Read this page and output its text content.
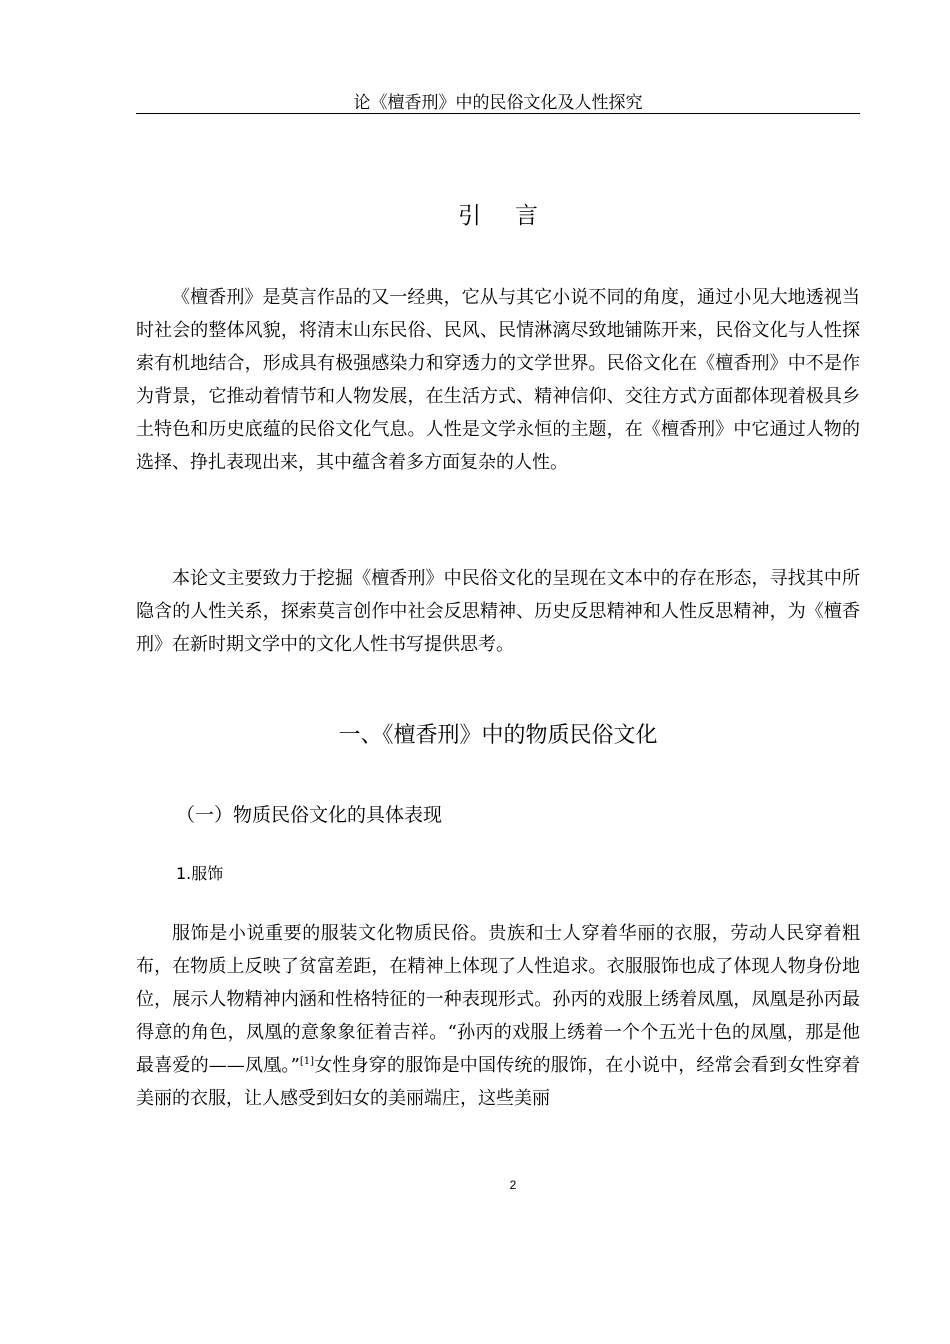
论《檀香刑》中的民俗文化及人性探究
引言

《檀香刑》是莫言作品的又一经典，它从与其它小说不同的角度，通过小见大地透视当时社会的整体风貌，将清末山东民俗、民风、民情淋漓尽致地铺陈开来，民俗文化与人性探索有机地结合，形成具有极强感染力和穿透力的文学世界。民俗文化在《檀香刑》中不是作为背景，它推动着情节和人物发展，在生活方式、精神信仰、交往方式方面都体现着极具乡土特色和历史底蕴的民俗文化气息。人性是文学永恒的主题，在《檀香刑》中它通过人物的选择、挣扎表现出来，其中蕴含着多方面复杂的人性。

本论文主要致力于挖掘《檀香刑》中民俗文化的呈现在文本中的存在形态，寻找其中所隐含的人性关系，探索莫言创作中社会反思精神、历史反思精神和人性反思精神，为《檀香刑》在新时期文学中的文化人性书写提供思考。

一、《檀香刑》中的物质民俗文化
（一）物质民俗文化的具体表现
1.服饰

服饰是小说重要的服装文化物质民俗。贵族和士人穿着华丽的衣服，劳动人民穿着粗布，在物质上反映了贫富差距，在精神上体现了人性追求。衣服服饰也成了体现人物身份地位，展示人物精神内涵和性格特征的一种表现形式。孙丙的戏服上绣着凤凰，凤凰是孙丙最得意的角色，凤凰的意象象征着吉祥。“孙丙的戏服上绣着一个个五光十色的凤凰，那是他最喜爱的——凤凰。”[1]女性身穿的服饰是中国传统的服饰，在小说中，经常会看到女性穿着美丽的衣服，让人感受到妇女的美丽端庄，这些美丽

2
